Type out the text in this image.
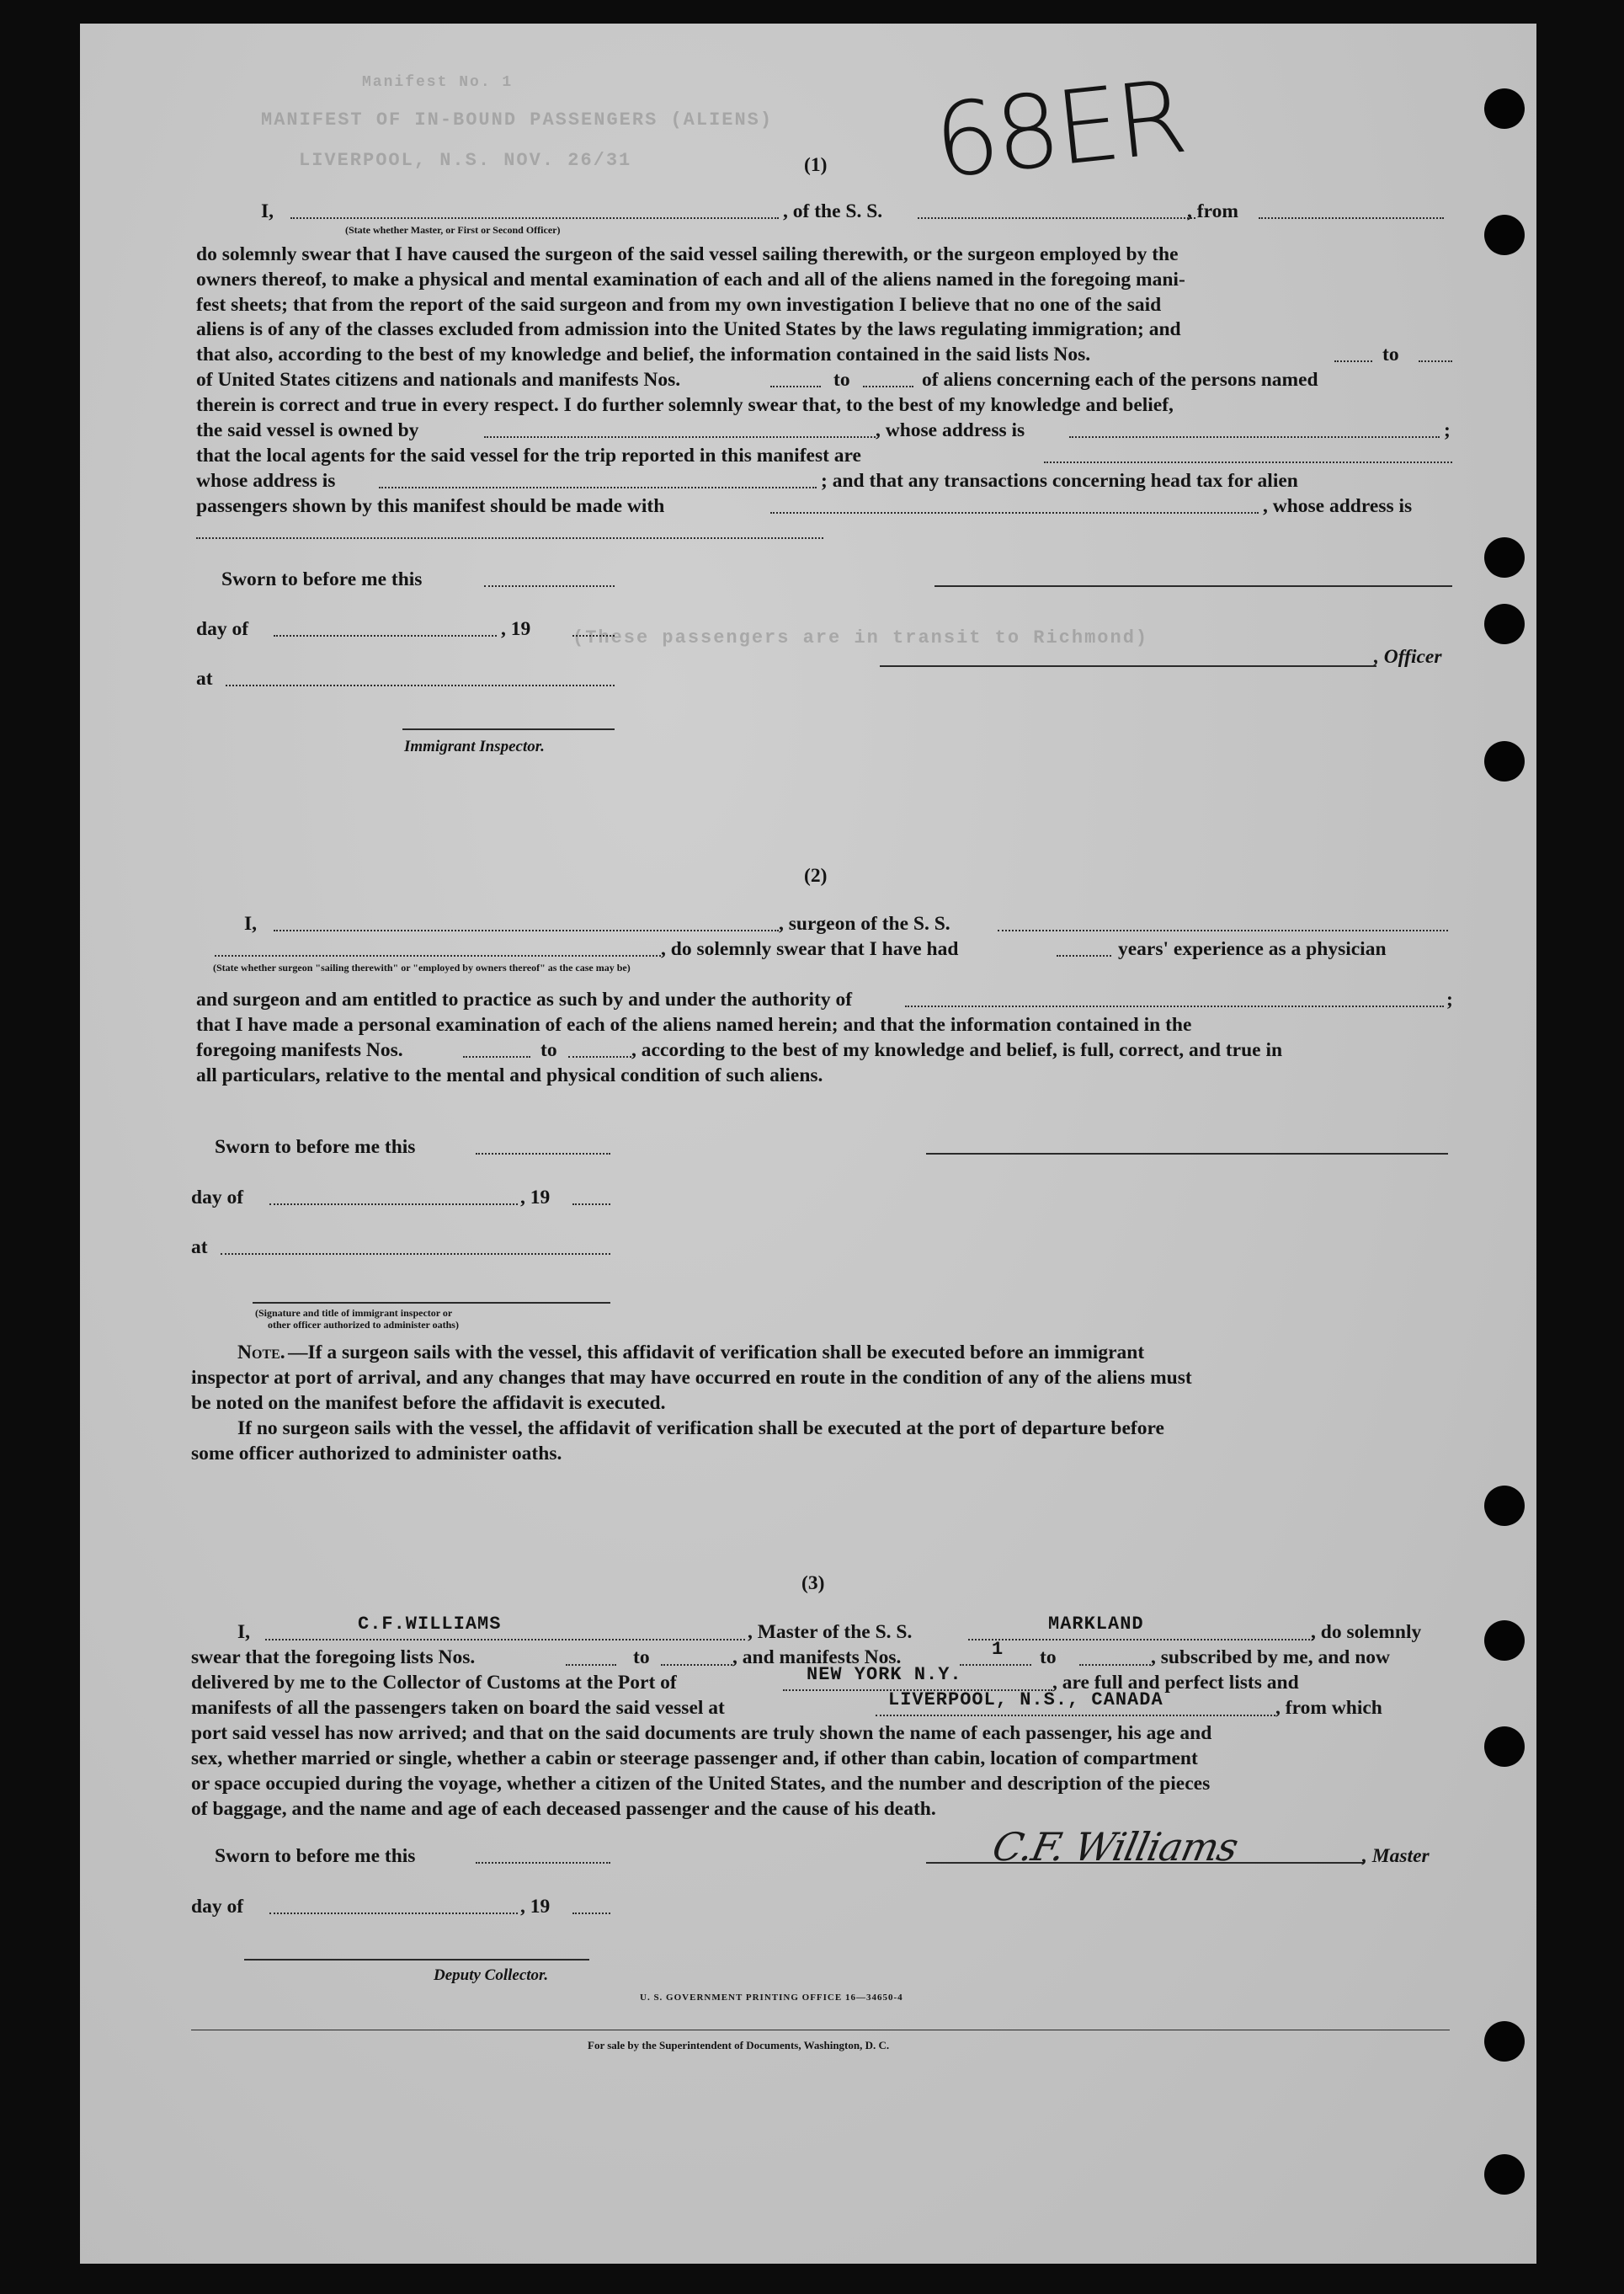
Manifest No. 1
MANIFEST OF IN-BOUND PASSENGERS (ALIENS)
LIVERPOOL, N.S. NOV. 26/31
(These passengers are in transit to Richmond)
68ER
(1)
I,	, of the S. S.	, from
(State whether Master, or First or Second Officer)
do solemnly swear that I have caused the surgeon of the said vessel sailing therewith, or the surgeon employed by the
owners thereof, to make a physical and mental examination of each and all of the aliens named in the foregoing mani-
fest sheets; that from the report of the said surgeon and from my own investigation I believe that no one of the said
aliens is of any of the classes excluded from admission into the United States by the laws regulating immigration; and
that also, according to the best of my knowledge and belief, the information contained in the said lists Nos.	to
of United States citizens and nationals and manifests Nos.	to	of aliens concerning each of the persons named
therein is correct and true in every respect. I do further solemnly swear that, to the best of my knowledge and belief,
the said vessel is owned by	, whose address is	;
that the local agents for the said vessel for the trip reported in this manifest are
whose address is	; and that any transactions concerning head tax for alien
passengers shown by this manifest should be made with	, whose address is
Sworn to before me this
day of	, 19
, Officer
at
Immigrant Inspector.
(2)
I,	, surgeon of the S. S.
, do solemnly swear that I have had	years' experience as a physician
(State whether surgeon "sailing therewith" or "employed by owners thereof" as the case may be)
and surgeon and am entitled to practice as such by and under the authority of	;
that I have made a personal examination of each of the aliens named herein; and that the information contained in the
foregoing manifests Nos.	to	, according to the best of my knowledge and belief, is full, correct, and true in
all particulars, relative to the mental and physical condition of such aliens.
Sworn to before me this
day of	, 19
at
(Signature and title of immigrant inspector or
other officer authorized to administer oaths)
Note. —If a surgeon sails with the vessel, this affidavit of verification shall be executed before an immigrant
inspector at port of arrival, and any changes that may have occurred en route in the condition of any of the aliens must
be noted on the manifest before the affidavit is executed.
If no surgeon sails with the vessel, the affidavit of verification shall be executed at the port of departure before
some officer authorized to administer oaths.
(3)
I,	C.F.WILLIAMS	, Master of the S. S.	MARKLAND	, do solemnly
swear that the foregoing lists Nos.	to	, and manifests Nos.	1 to	, subscribed by me, and now
delivered by me to the Collector of Customs at the Port of	NEW YORK N.Y.	, are full and perfect lists and
manifests of all the passengers taken on board the said vessel at	LIVERPOOL, N.S., CANADA	, from which
port said vessel has now arrived; and that on the said documents are truly shown the name of each passenger, his age and
sex, whether married or single, whether a cabin or steerage passenger and, if other than cabin, location of compartment
or space occupied during the voyage, whether a citizen of the United States, and the number and description of the pieces
of baggage, and the name and age of each deceased passenger and the cause of his death.
Sworn to before me this	C.F. Williams	, Master
day of	, 19
Deputy Collector.
U. S. GOVERNMENT PRINTING OFFICE 16—34650-4
For sale by the Superintendent of Documents, Washington, D. C.
